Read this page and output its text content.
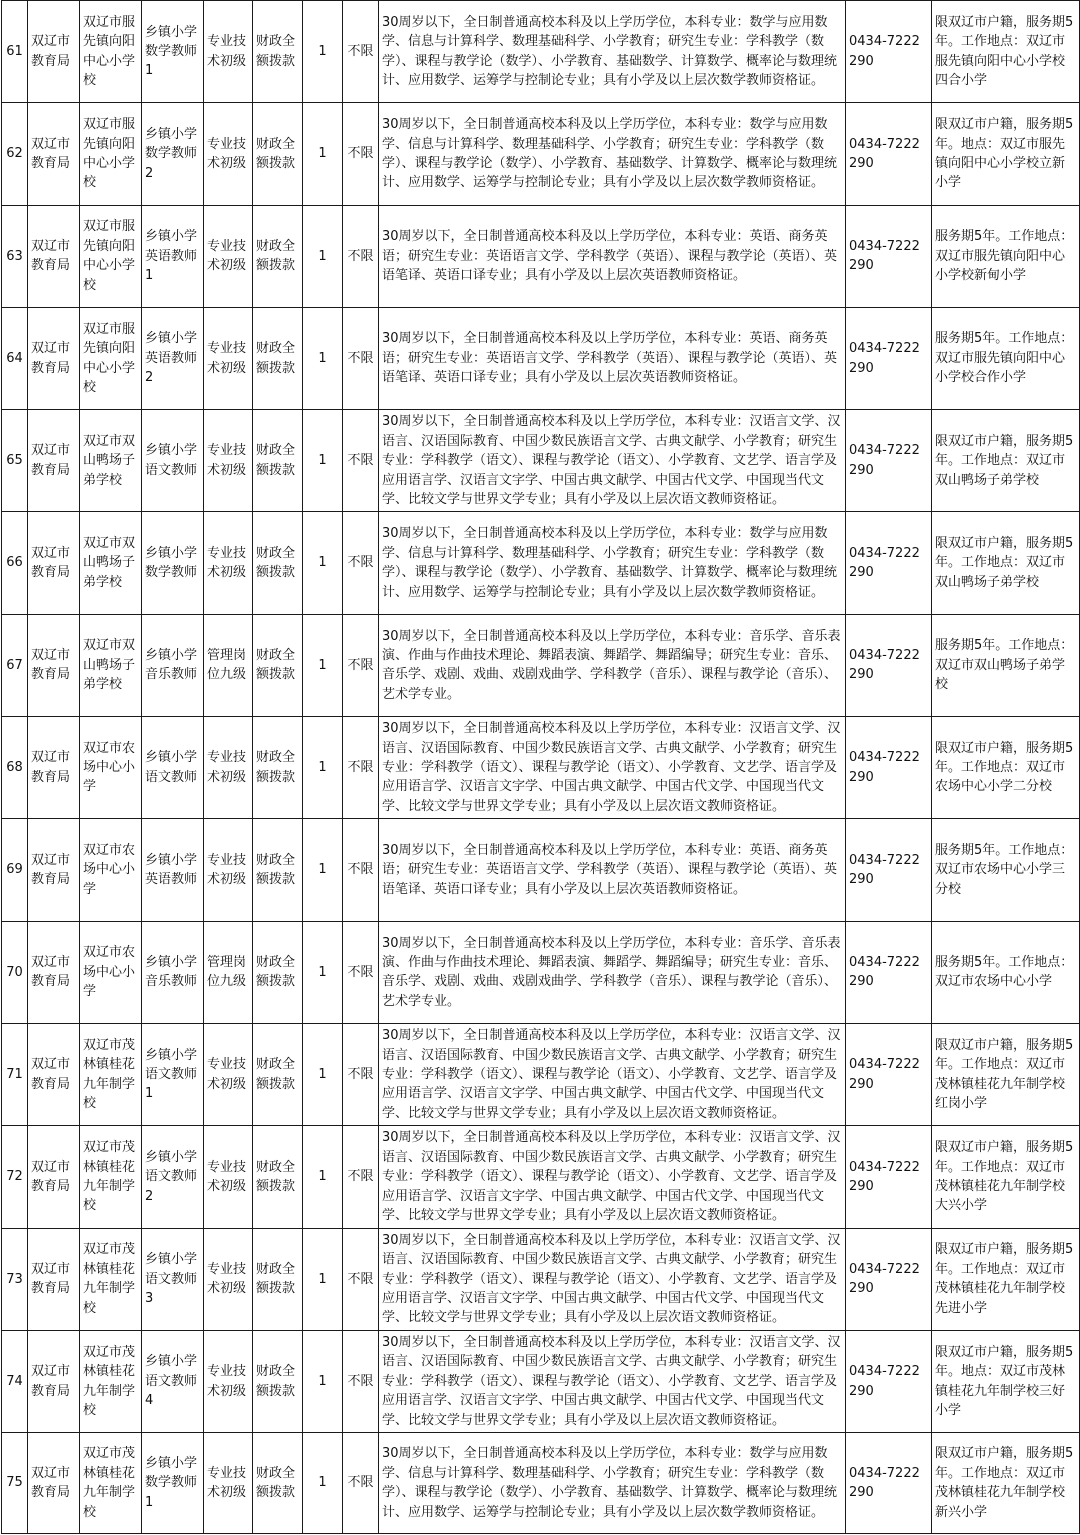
61	双辽市教育局	双辽市服先镇向阳中心小学校	乡镇小学数学教师1	专业技术初级	财政全额拨款	1	不限	30周岁以下，全日制普通高校本科及以上学历学位，本科专业：数学与应用数学、信息与计算科学、数理基础科学、小学教育；研究生专业：学科教学（数学）、课程与教学论（数学）、小学教育、基础数学、计算数学、概率论与数理统计、应用数学、运筹学与控制论专业；具有小学及以上层次数学教师资格证。	0434-7222290	限双辽市户籍，服务期5年。工作地点：双辽市服先镇向阳中心小学校四合小学
62	双辽市教育局	双辽市服先镇向阳中心小学校	乡镇小学数学教师2	专业技术初级	财政全额拨款	1	不限	30周岁以下，全日制普通高校本科及以上学历学位，本科专业：数学与应用数学、信息与计算科学、数理基础科学、小学教育；研究生专业：学科教学（数学）、课程与教学论（数学）、小学教育、基础数学、计算数学、概率论与数理统计、应用数学、运筹学与控制论专业；具有小学及以上层次数学教师资格证。	0434-7222290	限双辽市户籍，服务期5年。地点：双辽市服先镇向阳中心小学校立新小学
63	双辽市教育局	双辽市服先镇向阳中心小学校	乡镇小学英语教师1	专业技术初级	财政全额拨款	1	不限	30周岁以下，全日制普通高校本科及以上学历学位，本科专业：英语、商务英语；研究生专业：英语语言文学、学科教学（英语）、课程与教学论（英语）、英语笔译、英语口译专业；具有小学及以上层次英语教师资格证。	0434-7222290	服务期5年。工作地点：双辽市服先镇向阳中心小学校新甸小学
64	双辽市教育局	双辽市服先镇向阳中心小学校	乡镇小学英语教师2	专业技术初级	财政全额拨款	1	不限	30周岁以下，全日制普通高校本科及以上学历学位，本科专业：英语、商务英语；研究生专业：英语语言文学、学科教学（英语）、课程与教学论（英语）、英语笔译、英语口译专业；具有小学及以上层次英语教师资格证。	0434-7222290	服务期5年。工作地点：双辽市服先镇向阳中心小学校合作小学
65	双辽市教育局	双辽市双山鸭场子弟学校	乡镇小学语文教师	专业技术初级	财政全额拨款	1	不限	30周岁以下，全日制普通高校本科及以上学历学位，本科专业：汉语言文学、汉语言、汉语国际教育、中国少数民族语言文学、古典文献学、小学教育；研究生专业：学科教学（语文）、课程与教学论（语文）、小学教育、文艺学、语言学及应用语言学、汉语言文字学、中国古典文献学、中国古代文学、中国现当代文学、比较文学与世界文学专业；具有小学及以上层次语文教师资格证。	0434-7222290	限双辽市户籍，服务期5年。工作地点：双辽市双山鸭场子弟学校
66	双辽市教育局	双辽市双山鸭场子弟学校	乡镇小学数学教师	专业技术初级	财政全额拨款	1	不限	30周岁以下，全日制普通高校本科及以上学历学位，本科专业：数学与应用数学、信息与计算科学、数理基础科学、小学教育；研究生专业：学科教学（数学）、课程与教学论（数学）、小学教育、基础数学、计算数学、概率论与数理统计、应用数学、运筹学与控制论专业；具有小学及以上层次数学教师资格证。	0434-7222290	限双辽市户籍，服务期5年。工作地点：双辽市双山鸭场子弟学校
67	双辽市教育局	双辽市双山鸭场子弟学校	乡镇小学音乐教师	管理岗位九级	财政全额拨款	1	不限	30周岁以下，全日制普通高校本科及以上学历学位，本科专业：音乐学、音乐表演、作曲与作曲技术理论、舞蹈表演、舞蹈学、舞蹈编导；研究生专业：音乐、音乐学、戏剧、戏曲、戏剧戏曲学、学科教学（音乐）、课程与教学论（音乐）、艺术学专业。	0434-7222290	服务期5年。工作地点：双辽市双山鸭场子弟学校
68	双辽市教育局	双辽市农场中心小学	乡镇小学语文教师	专业技术初级	财政全额拨款	1	不限	30周岁以下，全日制普通高校本科及以上学历学位，本科专业：汉语言文学、汉语言、汉语国际教育、中国少数民族语言文学、古典文献学、小学教育；研究生专业：学科教学（语文）、课程与教学论（语文）、小学教育、文艺学、语言学及应用语言学、汉语言文字学、中国古典文献学、中国古代文学、中国现当代文学、比较文学与世界文学专业；具有小学及以上层次语文教师资格证。	0434-7222290	限双辽市户籍，服务期5年。工作地点：双辽市农场中心小学二分校
69	双辽市教育局	双辽市农场中心小学	乡镇小学英语教师	专业技术初级	财政全额拨款	1	不限	30周岁以下，全日制普通高校本科及以上学历学位，本科专业：英语、商务英语；研究生专业：英语语言文学、学科教学（英语）、课程与教学论（英语）、英语笔译、英语口译专业；具有小学及以上层次英语教师资格证。	0434-7222290	服务期5年。工作地点：双辽市农场中心小学三分校
70	双辽市教育局	双辽市农场中心小学	乡镇小学音乐教师	管理岗位九级	财政全额拨款	1	不限	30周岁以下，全日制普通高校本科及以上学历学位，本科专业：音乐学、音乐表演、作曲与作曲技术理论、舞蹈表演、舞蹈学、舞蹈编导；研究生专业：音乐、音乐学、戏剧、戏曲、戏剧戏曲学、学科教学（音乐）、课程与教学论（音乐）、艺术学专业。	0434-7222290	服务期5年。工作地点：双辽市农场中心小学
71	双辽市教育局	双辽市茂林镇桂花九年制学校	乡镇小学语文教师1	专业技术初级	财政全额拨款	1	不限	30周岁以下，全日制普通高校本科及以上学历学位，本科专业：汉语言文学、汉语言、汉语国际教育、中国少数民族语言文学、古典文献学、小学教育；研究生专业：学科教学（语文）、课程与教学论（语文）、小学教育、文艺学、语言学及应用语言学、汉语言文字学、中国古典文献学、中国古代文学、中国现当代文学、比较文学与世界文学专业；具有小学及以上层次语文教师资格证。	0434-7222290	限双辽市户籍，服务期5年。工作地点：双辽市茂林镇桂花九年制学校红岗小学
72	双辽市教育局	双辽市茂林镇桂花九年制学校	乡镇小学语文教师2	专业技术初级	财政全额拨款	1	不限	30周岁以下，全日制普通高校本科及以上学历学位，本科专业：汉语言文学、汉语言、汉语国际教育、中国少数民族语言文学、古典文献学、小学教育；研究生专业：学科教学（语文）、课程与教学论（语文）、小学教育、文艺学、语言学及应用语言学、汉语言文字学、中国古典文献学、中国古代文学、中国现当代文学、比较文学与世界文学专业；具有小学及以上层次语文教师资格证。	0434-7222290	限双辽市户籍，服务期5年。工作地点：双辽市茂林镇桂花九年制学校大兴小学
73	双辽市教育局	双辽市茂林镇桂花九年制学校	乡镇小学语文教师3	专业技术初级	财政全额拨款	1	不限	30周岁以下，全日制普通高校本科及以上学历学位，本科专业：汉语言文学、汉语言、汉语国际教育、中国少数民族语言文学、古典文献学、小学教育；研究生专业：学科教学（语文）、课程与教学论（语文）、小学教育、文艺学、语言学及应用语言学、汉语言文字学、中国古典文献学、中国古代文学、中国现当代文学、比较文学与世界文学专业；具有小学及以上层次语文教师资格证。	0434-7222290	限双辽市户籍，服务期5年。工作地点：双辽市茂林镇桂花九年制学校先进小学
74	双辽市教育局	双辽市茂林镇桂花九年制学校	乡镇小学语文教师4	专业技术初级	财政全额拨款	1	不限	30周岁以下，全日制普通高校本科及以上学历学位，本科专业：汉语言文学、汉语言、汉语国际教育、中国少数民族语言文学、古典文献学、小学教育；研究生专业：学科教学（语文）、课程与教学论（语文）、小学教育、文艺学、语言学及应用语言学、汉语言文字学、中国古典文献学、中国古代文学、中国现当代文学、比较文学与世界文学专业；具有小学及以上层次语文教师资格证。	0434-7222290	限双辽市户籍，服务期5年。地点：双辽市茂林镇桂花九年制学校三好小学
75	双辽市教育局	双辽市茂林镇桂花九年制学校	乡镇小学数学教师1	专业技术初级	财政全额拨款	1	不限	30周岁以下，全日制普通高校本科及以上学历学位，本科专业：数学与应用数学、信息与计算科学、数理基础科学、小学教育；研究生专业：学科教学（数学）、课程与教学论（数学）、小学教育、基础数学、计算数学、概率论与数理统计、应用数学、运筹学与控制论专业；具有小学及以上层次数学教师资格证。	0434-7222290	限双辽市户籍，服务期5年。工作地点：双辽市茂林镇桂花九年制学校新兴小学
